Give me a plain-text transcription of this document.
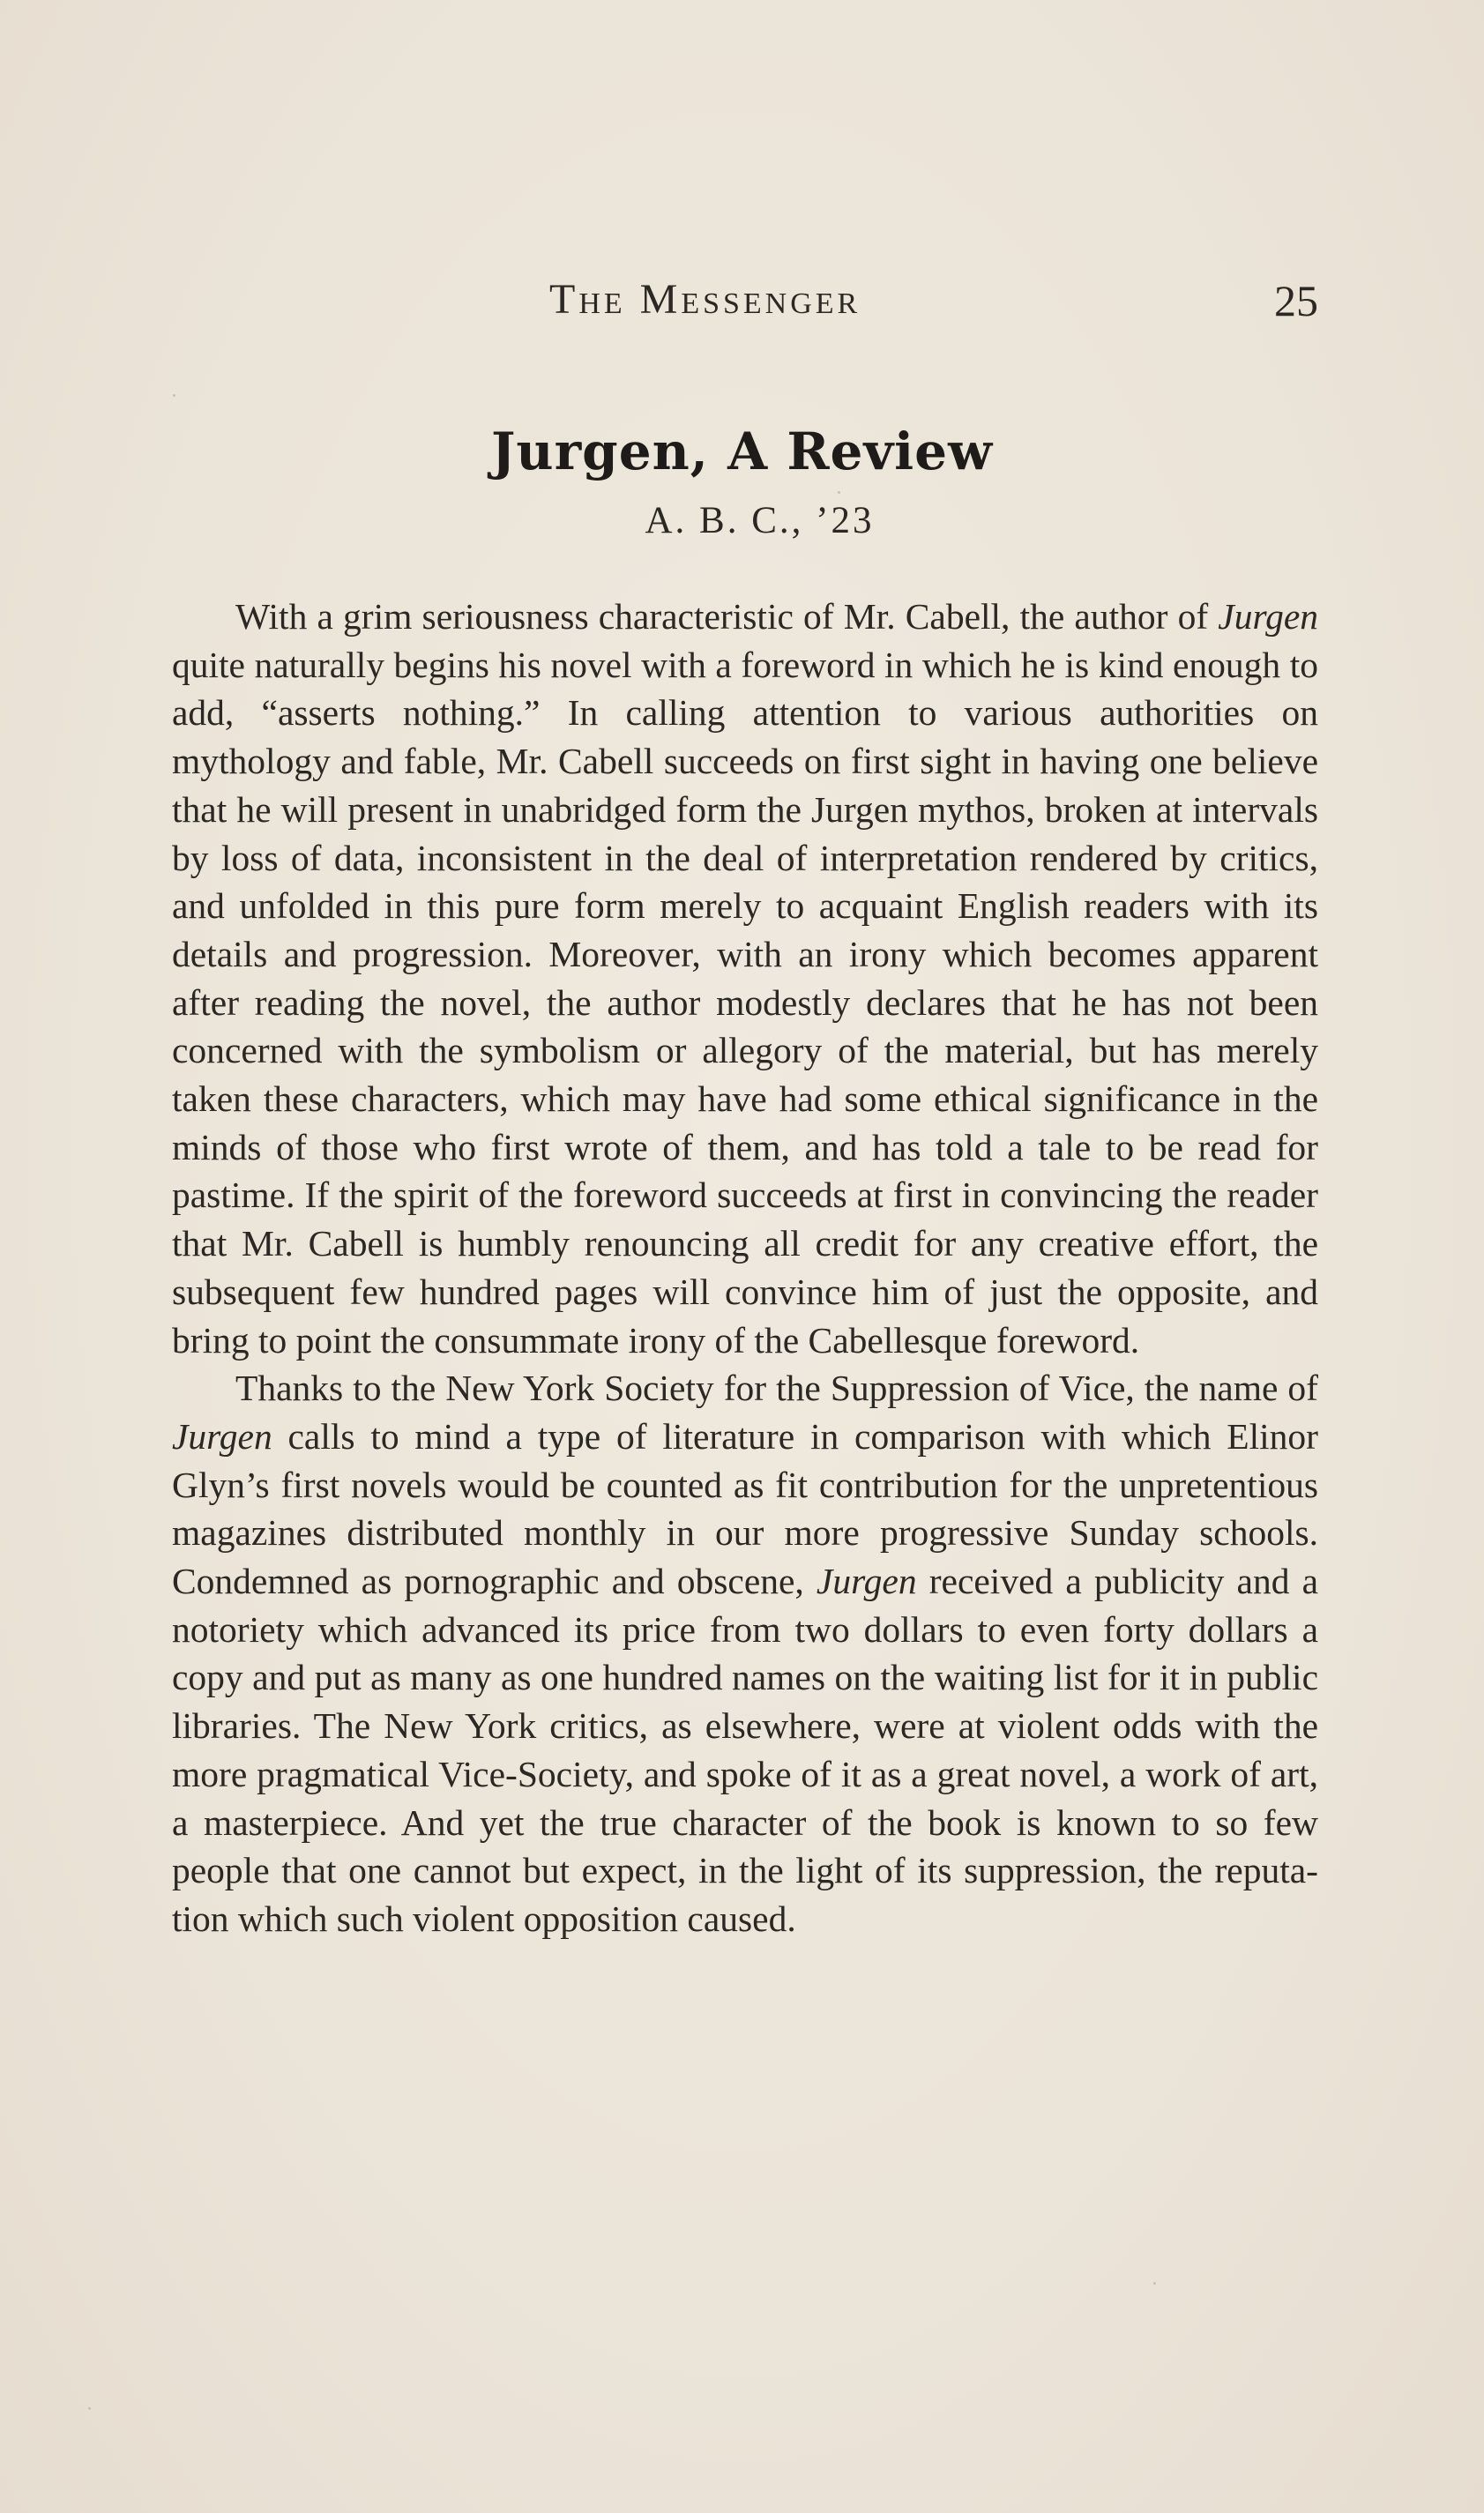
The Messenger	25
Jurgen, A Review
A. B. C., ’23

With a grim seriousness characteristic of Mr. Cabell, the author of Jurgen quite naturally begins his novel with a foreword in which he is kind enough to add, “asserts nothing.” In calling attention to various authorities on mythology and fable, Mr. Cabell succeeds on first sight in having one believe that he will present in unabridged form the Jurgen mythos, broken at intervals by loss of data, inconsistent in the deal of interpretation rendered by critics, and unfolded in this pure form merely to acquaint English readers with its details and progression. Moreover, with an irony which becomes apparent after reading the novel, the author modestly declares that he has not been concerned with the symbolism or allegory of the material, but has merely taken these characters, which may have had some ethical significance in the minds of those who first wrote of them, and has told a tale to be read for pastime. If the spirit of the foreword succeeds at first in convincing the reader that Mr. Cabell is humbly renouncing all credit for any creative effort, the subsequent few hundred pages will convince him of just the opposite, and bring to point the consummate irony of the Cabellesque foreword.

Thanks to the New York Society for the Suppression of Vice, the name of Jurgen calls to mind a type of literature in comparison with which Elinor Glyn’s first novels would be counted as fit contribution for the unpretentious magazines distributed monthly in our more progressive Sunday schools. Condemned as pornographic and obscene, Jurgen received a publicity and a notoriety which advanced its price from two dollars to even forty dollars a copy and put as many as one hundred names on the waiting list for it in public libraries. The New York critics, as elsewhere, were at violent odds with the more pragmatical Vice-Society, and spoke of it as a great novel, a work of art, a masterpiece. And yet the true character of the book is known to so few people that one cannot but expect, in the light of its suppression, the reputation which such violent opposition caused.
